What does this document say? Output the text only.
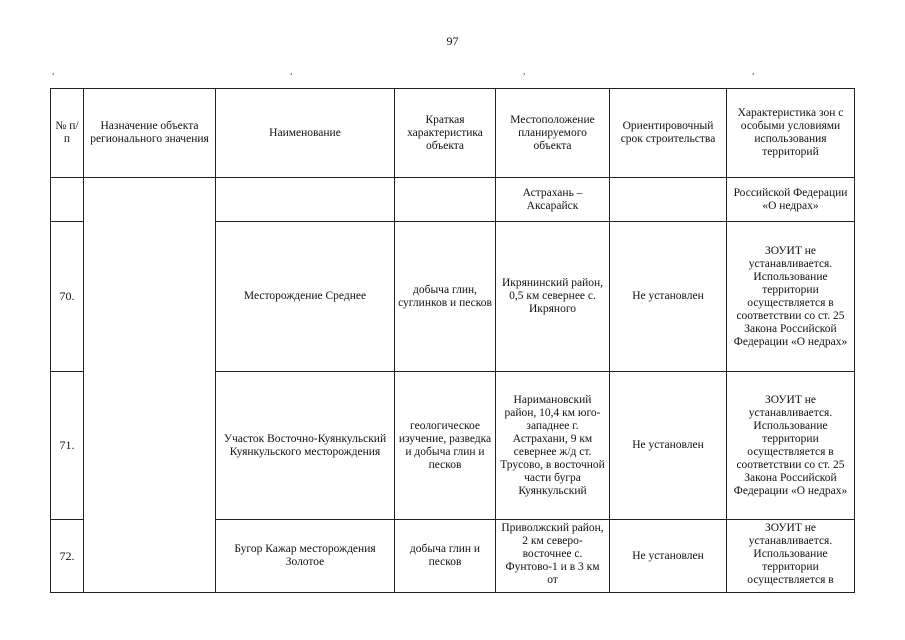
97
,	,	,	,
№ п/п	Назначение объекта регионального значения	Наименование	Краткая характеристика объекта	Местоположение планируемого объекта	Ориентировочный срок строительства	Характеристика зон с особыми условиями использования территорий
				Астрахань – Аксарайск		Российской Федерации «О недрах»
70.		Месторождение Среднее	добыча глин, суглинков и песков	Икрянинский район, 0,5 км севернее с. Икряного	Не установлен	ЗОУИТ не устанавливается. Использование территории осуществляется в соответствии со ст. 25 Закона Российской Федерации «О недрах»
71.		Участок Восточно-Куянкульский Куянкульского месторождения	геологическое изучение, разведка и добыча глин и песков	Наримановский район, 10,4 км юго-западнее г. Астрахани, 9 км севернее ж/д ст. Трусово, в восточной части бугра Куянкульский	Не установлен	ЗОУИТ не устанавливается. Использование территории осуществляется в соответствии со ст. 25 Закона Российской Федерации «О недрах»
72.		Бугор Кажар месторождения Золотое	добыча глин и песков	Приволжский район, 2 км северо-восточнее с. Фунтово-1 и в 3 км от	Не установлен	ЗОУИТ не устанавливается. Использование территории осуществляется в
